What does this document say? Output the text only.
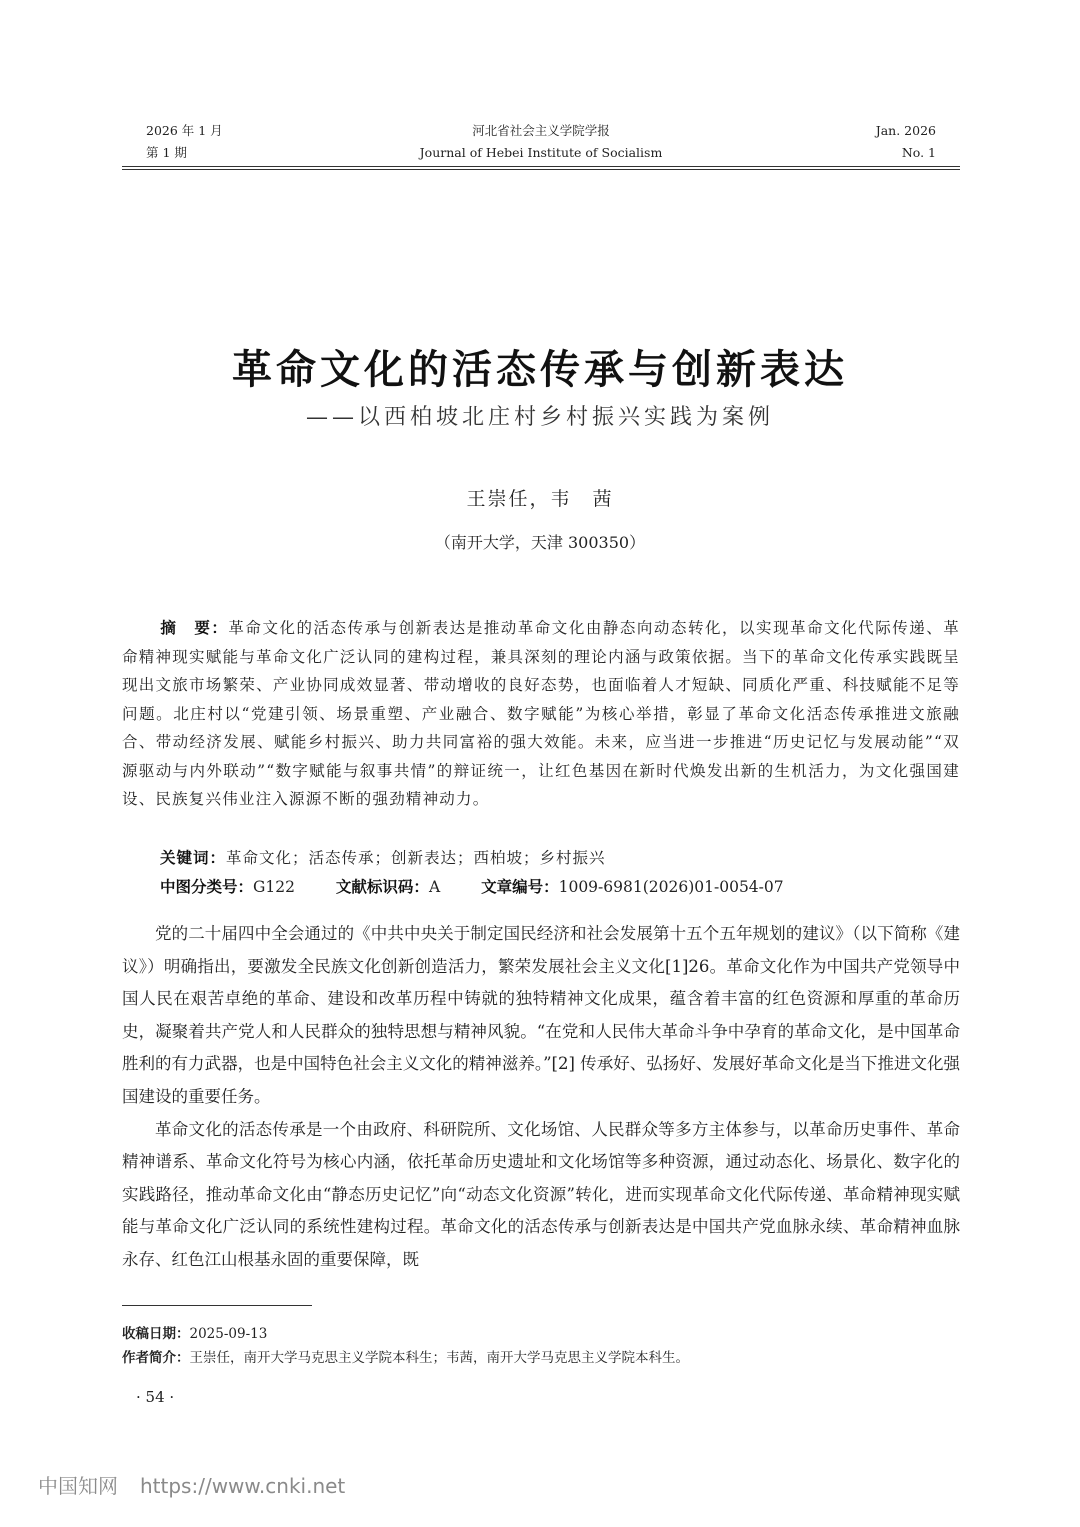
2026 年 1 月
第 1 期
河北省社会主义学院学报
Journal of Hebei Institute of Socialism
Jan. 2026
No. 1
革命文化的活态传承与创新表达
——以西柏坡北庄村乡村振兴实践为案例
王崇任，韦　茜
（南开大学，天津 300350）
摘　要：革命文化的活态传承与创新表达是推动革命文化由静态向动态转化，以实现革命文化代际传递、革命精神现实赋能与革命文化广泛认同的建构过程，兼具深刻的理论内涵与政策依据。当下的革命文化传承实践既呈现出文旅市场繁荣、产业协同成效显著、带动增收的良好态势，也面临着人才短缺、同质化严重、科技赋能不足等问题。北庄村以“党建引领、场景重塑、产业融合、数字赋能”为核心举措，彰显了革命文化活态传承推进文旅融合、带动经济发展、赋能乡村振兴、助力共同富裕的强大效能。未来，应当进一步推进“历史记忆与发展动能”“双源驱动与内外联动”“数字赋能与叙事共情”的辩证统一，让红色基因在新时代焕发出新的生机活力，为文化强国建设、民族复兴伟业注入源源不断的强劲精神动力。
关键词：革命文化；活态传承；创新表达；西柏坡；乡村振兴
中图分类号：G122	文献标识码：A	文章编号：1009-6981(2026)01-0054-07

党的二十届四中全会通过的《中共中央关于制定国民经济和社会发展第十五个五年规划的建议》（以下简称《建议》）明确指出，要激发全民族文化创新创造活力，繁荣发展社会主义文化[1]26。革命文化作为中国共产党领导中国人民在艰苦卓绝的革命、建设和改革历程中铸就的独特精神文化成果，蕴含着丰富的红色资源和厚重的革命历史，凝聚着共产党人和人民群众的独特思想与精神风貌。“在党和人民伟大革命斗争中孕育的革命文化，是中国革命胜利的有力武器，也是中国特色社会主义文化的精神滋养。”[2] 传承好、弘扬好、发展好革命文化是当下推进文化强国建设的重要任务。

革命文化的活态传承是一个由政府、科研院所、文化场馆、人民群众等多方主体参与，以革命历史事件、革命精神谱系、革命文化符号为核心内涵，依托革命历史遗址和文化场馆等多种资源，通过动态化、场景化、数字化的实践路径，推动革命文化由“静态历史记忆”向“动态文化资源”转化，进而实现革命文化代际传递、革命精神现实赋能与革命文化广泛认同的系统性建构过程。革命文化的活态传承与创新表达是中国共产党血脉永续、革命精神血脉永存、红色江山根基永固的重要保障，既

收稿日期：2025-09-13
作者简介：王崇任，南开大学马克思主义学院本科生；韦茜，南开大学马克思主义学院本科生。
· 54 ·
中国知网 https://www.cnki.net
